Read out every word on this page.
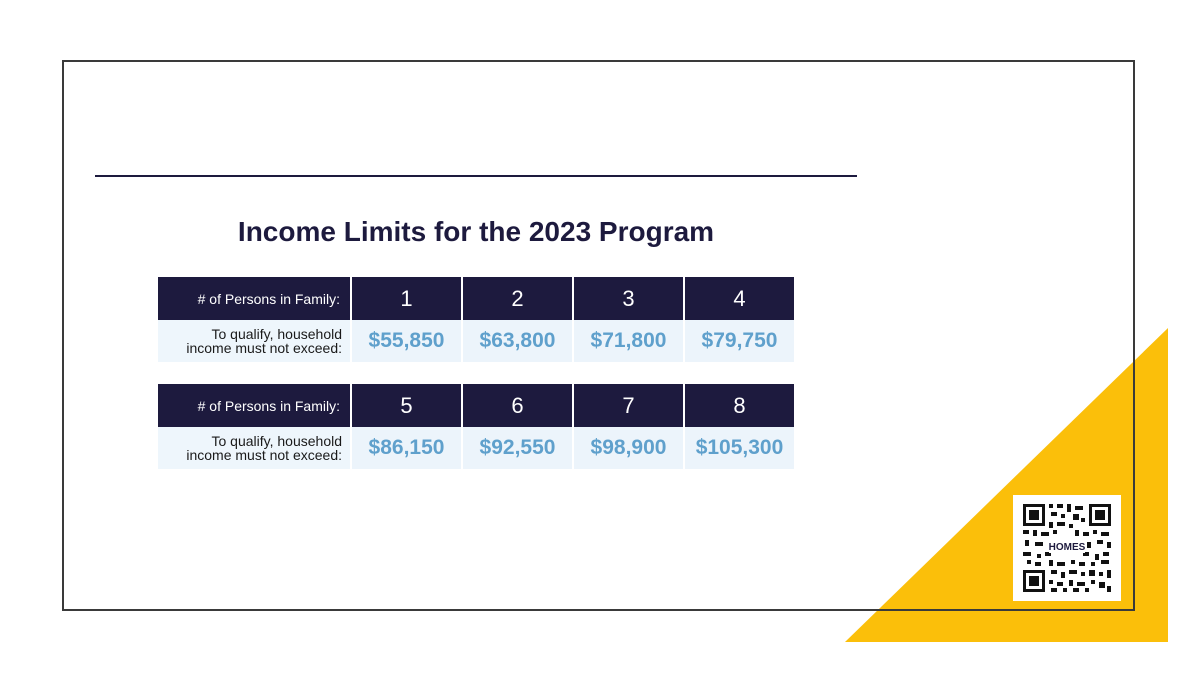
Income Limits for the 2023 Program
# of Persons in Family:	1	2	3	4
To qualify, household
income must not exceed:	$55,850	$63,800	$71,800	$79,750
# of Persons in Family:	5	6	7	8
To qualify, household
income must not exceed:	$86,150	$92,550	$98,900	$105,300
HOMES
